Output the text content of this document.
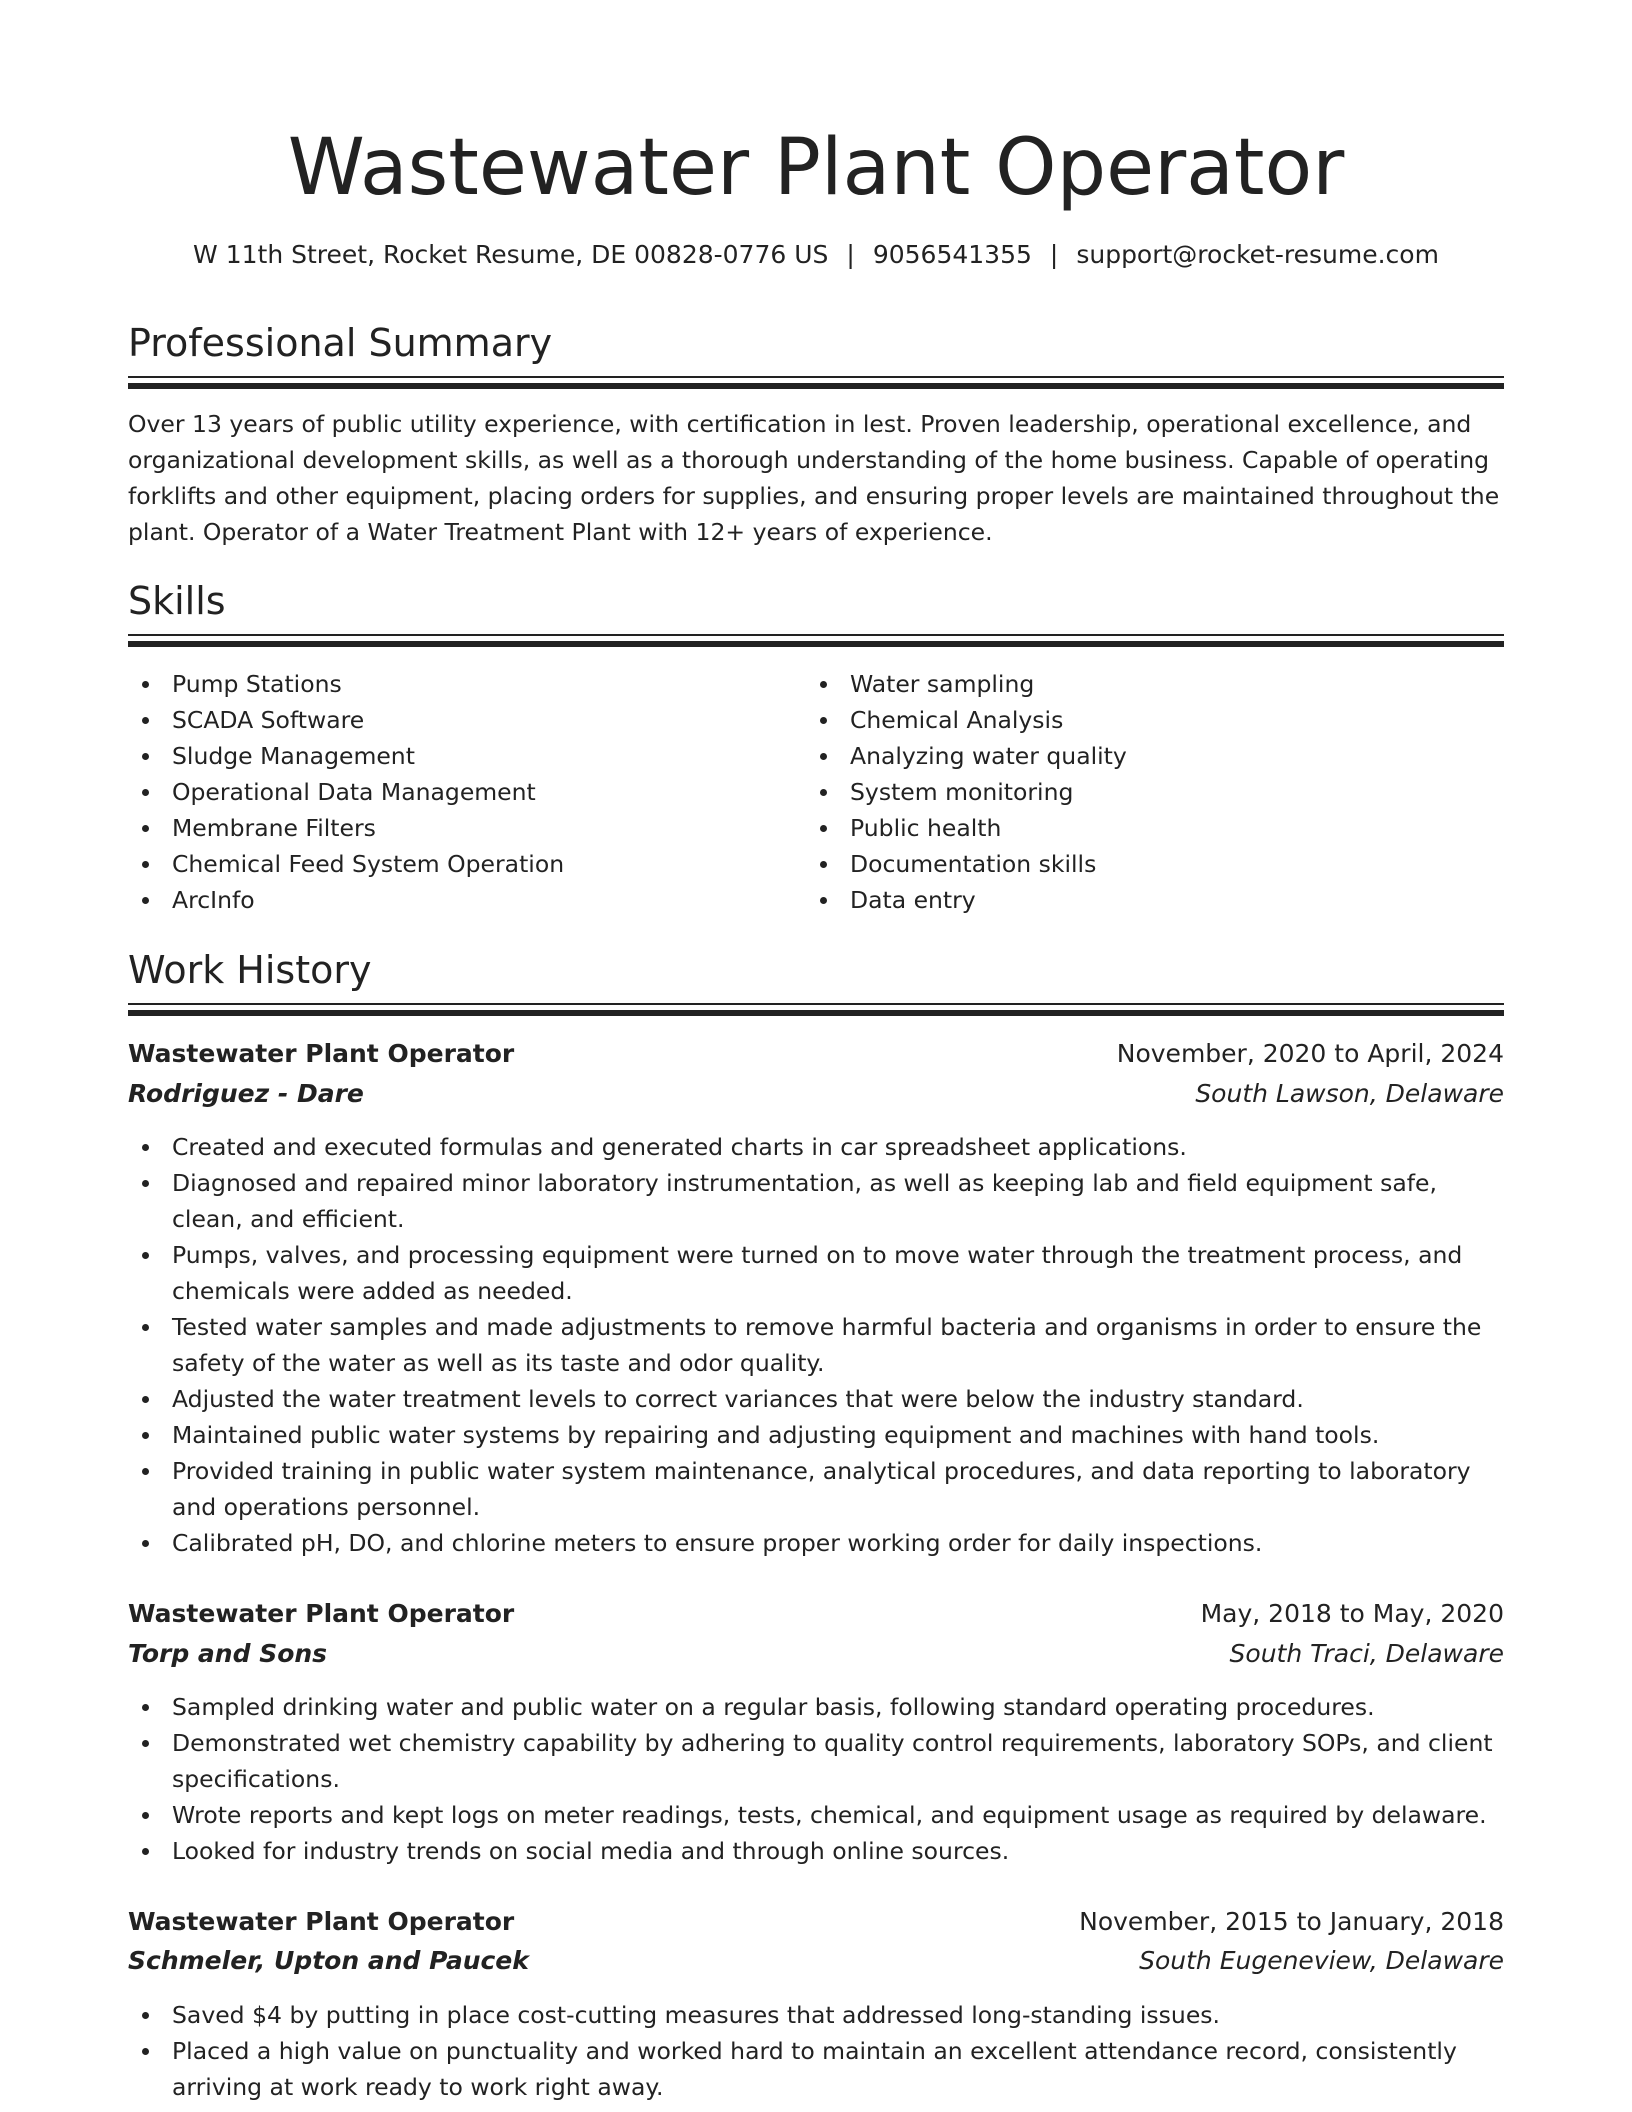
Wastewater Plant Operator
W 11th Street, Rocket Resume, DE 00828-0776 US | 9056541355 | support@rocket-resume.com
Professional Summary

Over 13 years of public utility experience, with certification in lest. Proven leadership, operational excellence, and organizational development skills, as well as a thorough understanding of the home business. Capable of operating forklifts and other equipment, placing orders for supplies, and ensuring proper levels are maintained throughout the plant. Operator of a Water Treatment Plant with 12+ years of experience.

Skills
Pump Stations
SCADA Software
Sludge Management
Operational Data Management
Membrane Filters
Chemical Feed System Operation
ArcInfo
Water sampling
Chemical Analysis
Analyzing water quality
System monitoring
Public health
Documentation skills
Data entry
Work History
Wastewater Plant Operator	November, 2020 to April, 2024
Rodriguez - Dare	South Lawson, Delaware
Created and executed formulas and generated charts in car spreadsheet applications.
Diagnosed and repaired minor laboratory instrumentation, as well as keeping lab and field equipment safe, clean, and efficient.
Pumps, valves, and processing equipment were turned on to move water through the treatment process, and chemicals were added as needed.
Tested water samples and made adjustments to remove harmful bacteria and organisms in order to ensure the safety of the water as well as its taste and odor quality.
Adjusted the water treatment levels to correct variances that were below the industry standard.
Maintained public water systems by repairing and adjusting equipment and machines with hand tools.
Provided training in public water system maintenance, analytical procedures, and data reporting to laboratory and operations personnel.
Calibrated pH, DO, and chlorine meters to ensure proper working order for daily inspections.
Wastewater Plant Operator	May, 2018 to May, 2020
Torp and Sons	South Traci, Delaware
Sampled drinking water and public water on a regular basis, following standard operating procedures.
Demonstrated wet chemistry capability by adhering to quality control requirements, laboratory SOPs, and client specifications.
Wrote reports and kept logs on meter readings, tests, chemical, and equipment usage as required by delaware.
Looked for industry trends on social media and through online sources.
Wastewater Plant Operator	November, 2015 to January, 2018
Schmeler, Upton and Paucek	South Eugeneview, Delaware
Saved $4 by putting in place cost-cutting measures that addressed long-standing issues.
Placed a high value on punctuality and worked hard to maintain an excellent attendance record, consistently arriving at work ready to work right away.
